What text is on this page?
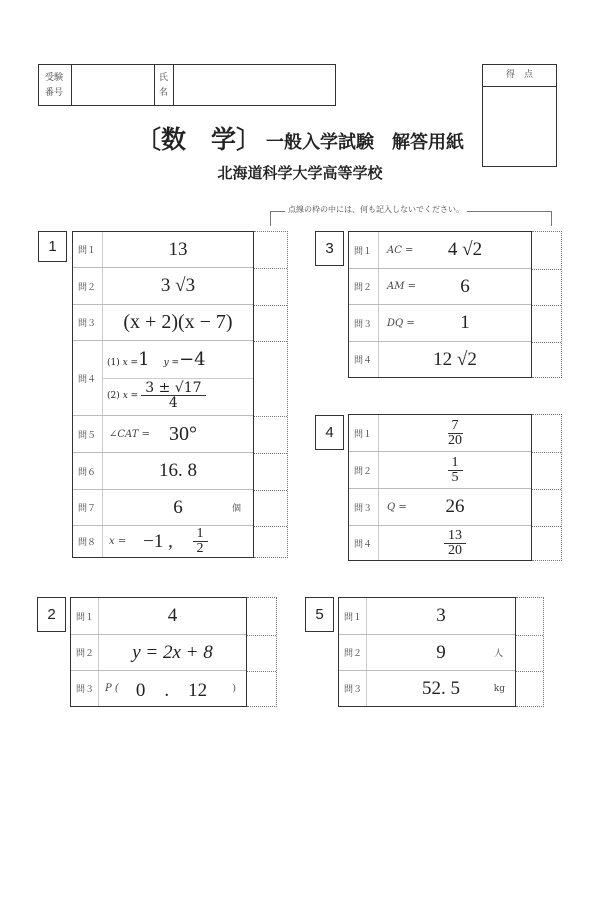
受験番号
氏名
得　点
〔数　学〕 一般入学試験　解答用紙
北海道科学大学高等学校
点線の枠の中には、何も記入しないでください。
1	問１	13
問２	3 √3
問３	(x + 2)(x − 7)
問４
(1) x =1 y =−4
(2) $x = \frac{3 \pm √17}{4}$
問５	∠CAT = 30°
問６	16. 8
問７	6	個
問８	x = −1 ,	$\frac{1}{2}$
3	問１	AC =	4 √2
問２	AM =	6
問３	DQ =	1
問４	12 √2
4	問１	$\frac{7}{20}$
問２	$\frac{1}{5}$
問３	Q =	26
問４	$\frac{13}{20}$
2	問１	4
問２	y = 2x + 8
問３	P ( 0　.　12	)
5	問１	3
問２	9	人
問３	52. 5	kg
